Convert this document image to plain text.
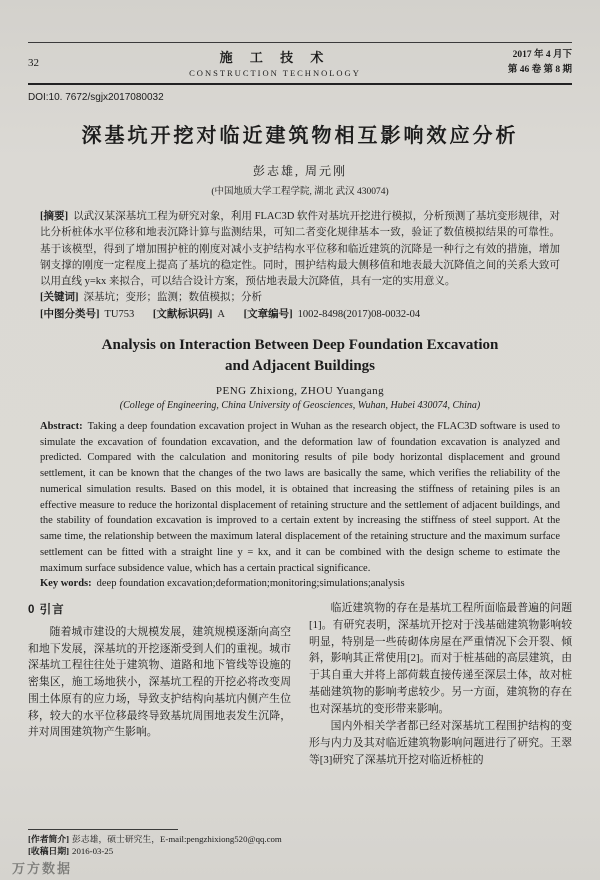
32	施 工 技 术
CONSTRUCTION TECHNOLOGY
2017 年 4 月下
第 46 卷 第 8 期
DOI:10. 7672/sgjx2017080032
深基坑开挖对临近建筑物相互影响效应分析
彭志雄, 周元刚
(中国地质大学工程学院, 湖北 武汉 430074)

[摘要] 以武汉某深基坑工程为研究对象，利用 FLAC3D 软件对基坑开挖进行模拟，分析预测了基坑变形规律，对比分析桩体水平位移和地表沉降计算与监测结果，可知二者变化规律基本一致，验证了数值模拟结果的可靠性。基于该模型，得到了增加围护桩的刚度对减小支护结构水平位移和临近建筑的沉降是一种行之有效的措施，增加钢支撑的刚度一定程度上提高了基坑的稳定性。同时，围护结构最大侧移值和地表最大沉降值之间的关系大致可以用直线 y=kx 来拟合，可以结合设计方案，预估地表最大沉降值，具有一定的实用意义。

[关键词] 深基坑；变形；监测；数值模拟；分析

[中图分类号] TU753 [文献标识码] A [文章编号] 1002-8498(2017)08-0032-04

Analysis on Interaction Between Deep Foundation Excavation and Adjacent Buildings
PENG Zhixiong, ZHOU Yuangang
(College of Engineering, China University of Geosciences, Wuhan, Hubei 430074, China)

Abstract: Taking a deep foundation excavation project in Wuhan as the research object, the FLAC3D software is used to simulate the excavation of foundation excavation, and the deformation law of foundation excavation is analyzed and predicted. Compared with the calculation and monitoring results of pile body horizontal displacement and ground settlement, it can be known that the changes of the two laws are basically the same, which verifies the reliability of the numerical simulation results. Based on this model, it is obtained that increasing the stiffness of retaining piles is an effective measure to reduce the horizontal displacement of retaining structure and the settlement of adjacent buildings, and the stability of foundation excavation is improved to a certain extent by increasing the stiffness of steel support. At the same time, the relationship between the maximum lateral displacement of the retaining structure and the maximum surface settlement can be fitted with a straight line y = kx, and it can be combined with the design scheme to estimate the maximum surface subsidence value, which has a certain practical significance.

Key words: deep foundation excavation;deformation;monitoring;simulations;analysis

0 引言

随着城市建设的大规模发展，建筑规模逐渐向高空和地下发展，深基坑的开挖逐渐受到人们的重视。城市深基坑工程往往处于建筑物、道路和地下管线等设施的密集区，施工场地狭小，深基坑工程的开挖必将改变周围土体原有的应力场，导致支护结构向基坑内侧产生位移，较大的水平位移最终导致基坑周围地表发生沉降，并对周围建筑物产生影响。

临近建筑物的存在是基坑工程所面临最普遍的问题[1]。有研究表明，深基坑开挖对于浅基础建筑物影响较明显，特别是一些砖砌体房屋在严重情况下会开裂、倾斜，影响其正常使用[2]。而对于桩基础的高层建筑，由于其自重大并将上部荷载直接传递至深层土体，故对桩基础建筑物的影响考虑较少。另一方面，建筑物的存在也对深基坑的变形带来影响。

国内外相关学者都已经对深基坑工程围护结构的变形与内力及其对临近建筑物影响问题进行了研究。王翠等[3]研究了深基坑开挖对临近桥桩的

[作者简介] 彭志雄，硕士研究生，E-mail:pengzhixiong520@qq.com
[收稿日期] 2016-03-25
万方数据
